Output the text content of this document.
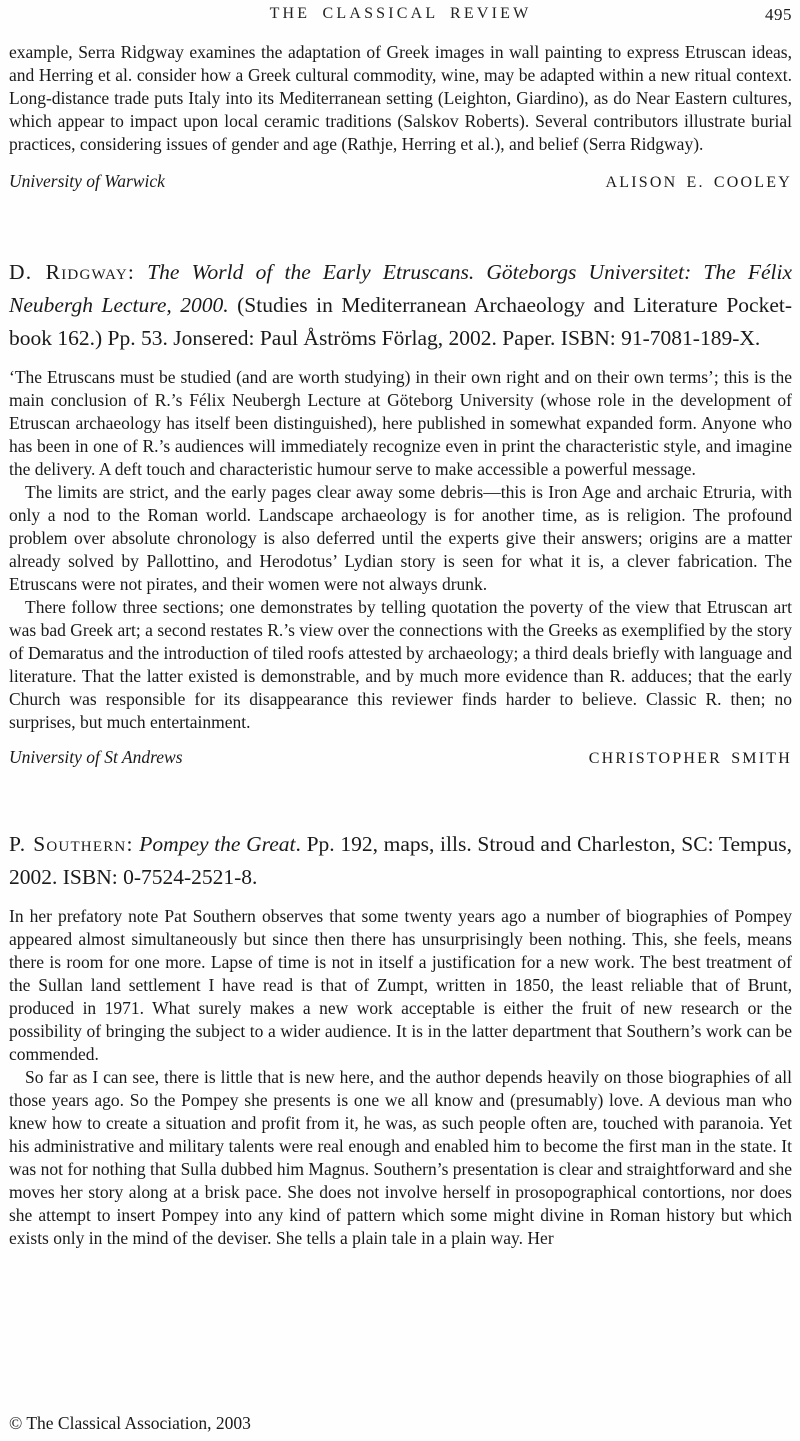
THE CLASSICAL REVIEW	495

example, Serra Ridgway examines the adaptation of Greek images in wall painting to express Etruscan ideas, and Herring et al. consider how a Greek cultural commodity, wine, may be adapted within a new ritual context. Long-distance trade puts Italy into its Mediterranean setting (Leighton, Giardino), as do Near Eastern cultures, which appear to impact upon local ceramic traditions (Salskov Roberts). Several contributors illustrate burial practices, considering issues of gender and age (Rathje, Herring et al.), and belief (Serra Ridgway).

University of Warwick	ALISON E. COOLEY
D. Ridgway: The World of the Early Etruscans. Göteborgs Universitet: The Félix Neubergh Lecture, 2000. (Studies in Mediterranean Archaeology and Literature Pocket-book 162.) Pp. 53. Jonsered: Paul Åströms Förlag, 2002. Paper. ISBN: 91-7081-189-X.

‘The Etruscans must be studied (and are worth studying) in their own right and on their own terms’; this is the main conclusion of R.’s Félix Neubergh Lecture at Göteborg University (whose role in the development of Etruscan archaeology has itself been distinguished), here published in somewhat expanded form. Anyone who has been in one of R.’s audiences will immediately recognize even in print the characteristic style, and imagine the delivery. A deft touch and characteristic humour serve to make accessible a powerful message.

The limits are strict, and the early pages clear away some debris—this is Iron Age and archaic Etruria, with only a nod to the Roman world. Landscape archaeology is for another time, as is religion. The profound problem over absolute chronology is also deferred until the experts give their answers; origins are a matter already solved by Pallottino, and Herodotus’ Lydian story is seen for what it is, a clever fabrication. The Etruscans were not pirates, and their women were not always drunk.

There follow three sections; one demonstrates by telling quotation the poverty of the view that Etruscan art was bad Greek art; a second restates R.’s view over the connections with the Greeks as exemplified by the story of Demaratus and the introduction of tiled roofs attested by archaeology; a third deals briefly with language and literature. That the latter existed is demonstrable, and by much more evidence than R. adduces; that the early Church was responsible for its disappearance this reviewer finds harder to believe. Classic R. then; no surprises, but much entertainment.

University of St Andrews	CHRISTOPHER SMITH
P. Southern: Pompey the Great. Pp. 192, maps, ills. Stroud and Charleston, SC: Tempus, 2002. ISBN: 0-7524-2521-8.

In her prefatory note Pat Southern observes that some twenty years ago a number of biographies of Pompey appeared almost simultaneously but since then there has unsurprisingly been nothing. This, she feels, means there is room for one more. Lapse of time is not in itself a justification for a new work. The best treatment of the Sullan land settlement I have read is that of Zumpt, written in 1850, the least reliable that of Brunt, produced in 1971. What surely makes a new work acceptable is either the fruit of new research or the possibility of bringing the subject to a wider audience. It is in the latter department that Southern’s work can be commended.

So far as I can see, there is little that is new here, and the author depends heavily on those biographies of all those years ago. So the Pompey she presents is one we all know and (presumably) love. A devious man who knew how to create a situation and profit from it, he was, as such people often are, touched with paranoia. Yet his administrative and military talents were real enough and enabled him to become the first man in the state. It was not for nothing that Sulla dubbed him Magnus. Southern’s presentation is clear and straightforward and she moves her story along at a brisk pace. She does not involve herself in prosopographical contortions, nor does she attempt to insert Pompey into any kind of pattern which some might divine in Roman history but which exists only in the mind of the deviser. She tells a plain tale in a plain way. Her

© The Classical Association, 2003
